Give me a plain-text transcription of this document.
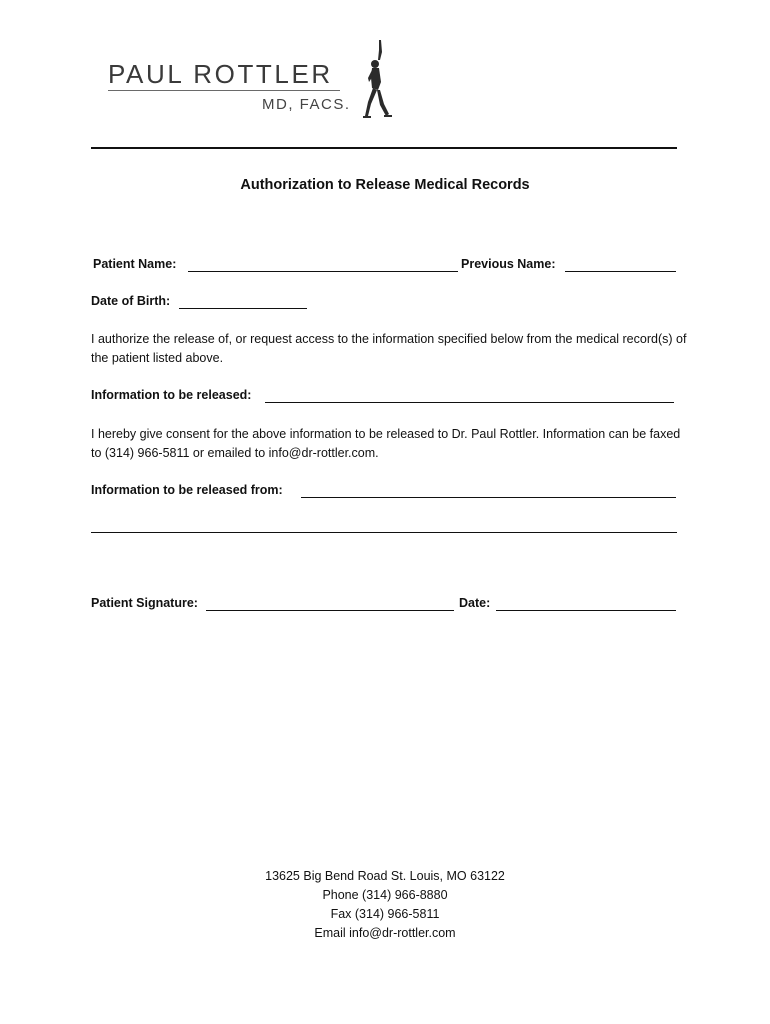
PAUL ROTTLER
MD, FACS.
Authorization to Release Medical Records
Patient Name:	Previous Name:
Date of Birth:
I authorize the release of, or request access to the information specified below from the medical record(s) of the patient listed above.
Information to be released:
I hereby give consent for the above information to be released to Dr. Paul Rottler. Information can be faxed to (314) 966-5811 or emailed to info@dr-rottler.com.
Information to be released from:
Patient Signature:	Date:
13625 Big Bend Road St. Louis, MO 63122
Phone (314) 966-8880
Fax (314) 966-5811
Email info@dr-rottler.com
